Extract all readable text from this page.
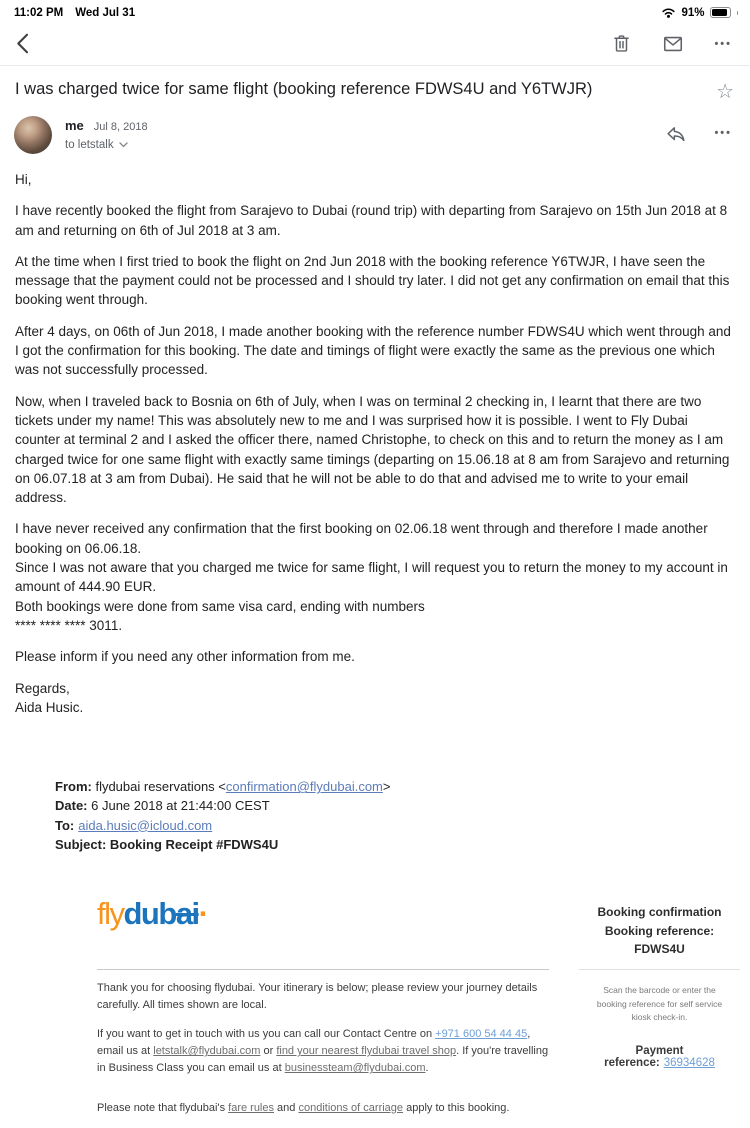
11:02 PM Wed Jul 31	91%
•••
I was charged twice for same flight (booking reference FDWS4U and Y6TWJR)	☆
me Jul 8, 2018
to letstalk
•••

Hi,

I have recently booked the flight from Sarajevo to Dubai (round trip) with departing from Sarajevo on 15th Jun 2018 at 8 am and returning on 6th of Jul 2018 at 3 am.

At the time when I first tried to book the flight on 2nd Jun 2018 with the booking reference Y6TWJR, I have seen the message that the payment could not be processed and I should try later. I did not get any confirmation on email that this booking went through.

After 4 days, on 06th of Jun 2018, I made another booking with the reference number FDWS4U which went through and I got the confirmation for this booking. The date and timings of flight were exactly the same as the previous one which was not successfully processed.

Now, when I traveled back to Bosnia on 6th of July, when I was on terminal 2 checking in, I learnt that there are two tickets under my name! This was absolutely new to me and I was surprised how it is possible. I went to Fly Dubai counter at terminal 2 and I asked the officer there, named Christophe, to check on this and to return the money as I am charged twice for one same flight with exactly same timings (departing on 15.06.18 at 8 am from Sarajevo and returning on 06.07.18 at 3 am from Dubai). He said that he will not be able to do that and advised me to write to your email address.

I have never received any confirmation that the first booking on 02.06.18 went through and therefore I made another booking on 06.06.18.
Since I was not aware that you charged me twice for same flight, I will request you to return the money to my account in amount of 444.90 EUR.
Both bookings were done from same visa card, ending with numbers
**** **** **** 3011.

Please inform if you need any other information from me.

Regards,
Aida Husic.

From: flydubai reservations <confirmation@flydubai.com>
Date: 6 June 2018 at 21:44:00 CEST
To: aida.husic@icloud.com
Subject: Booking Receipt #FDWS4U
flydubai·	Booking confirmation
Booking reference: FDWS4U

Thank you for choosing flydubai. Your itinerary is below; please review your journey details carefully. All times shown are local.

If you want to get in touch with us you can call our Contact Centre on +971 600 54 44 45, email us at letstalk@flydubai.com or find your nearest flydubai travel shop. If you're travelling in Business Class you can email us at businessteam@flydubai.com.

Please note that flydubai's fare rules and conditions of carriage apply to this booking.

Scan the barcode or enter the booking reference for self service kiosk check-in.
Payment reference: 36934628
